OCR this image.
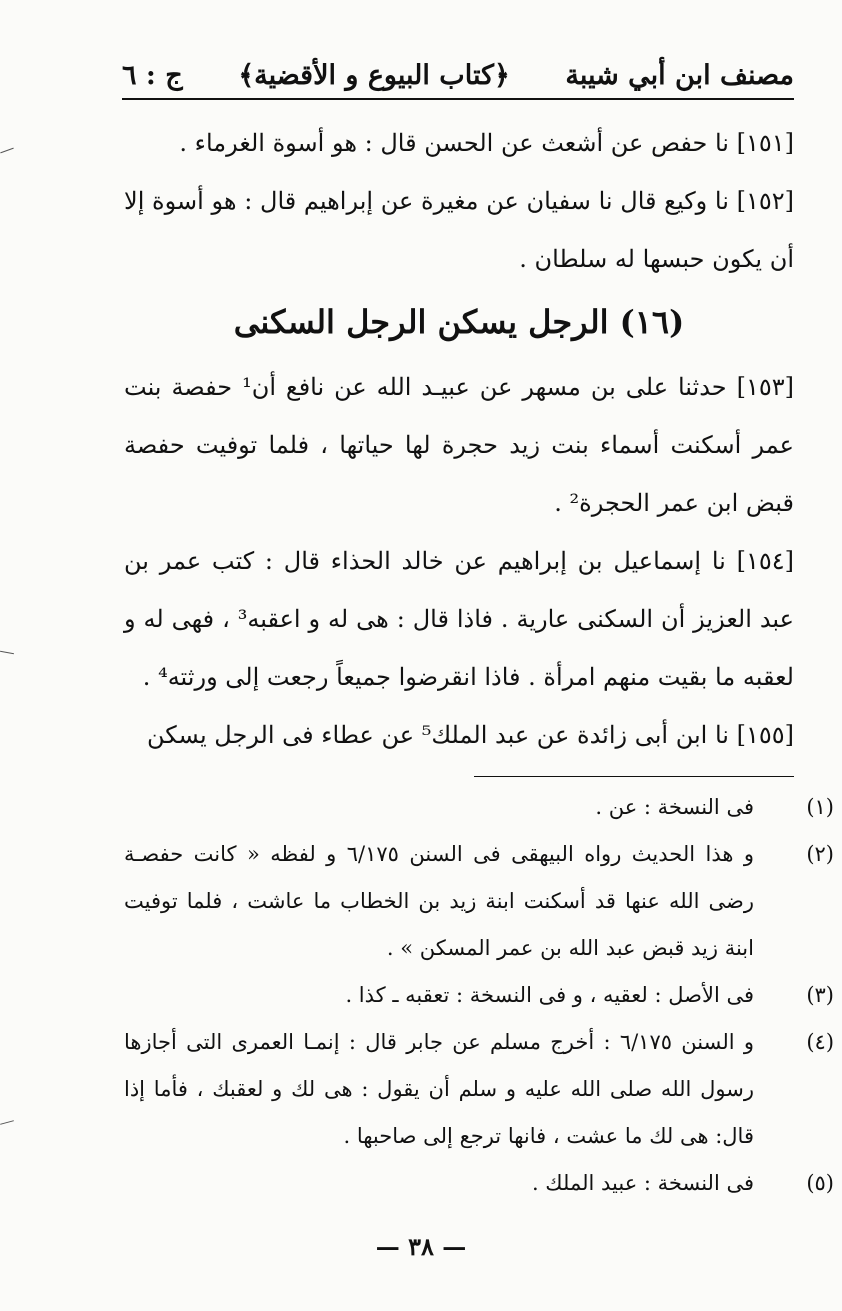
مصنف ابن أبي شيبة
﴿كتاب البيوع و الأقضية﴾
ج : ٦

[١٥١] نا حفص عن أشعث عن الحسن قال : هو أسوة الغرماء .

[١٥٢] نا وكيع قال نا سفيان عن مغيرة عن إبراهيم قال : هو أسوة إلا أن يكون حبسها له سلطان .

(١٦) الرجل يسكن الرجل السكنى

[١٥٣] حدثنا على بن مسهر عن عبيـد الله عن نافع أن¹ حفصة بنت عمر أسكنت أسماء بنت زيد حجرة لها حياتها ، فلما توفيت حفصة قبض ابن عمر الحجرة² .

[١٥٤] نا إسماعيل بن إبراهيم عن خالد الحذاء قال : كتب عمر بن عبد العزيز أن السكنى عارية . فاذا قال : هى له و اعقبه³ ، فهى له و لعقبه ما بقيت منهم امرأة . فاذا انقرضوا جميعاً رجعت إلى ورثته⁴ .

[١٥٥] نا ابن أبى زائدة عن عبد الملك⁵ عن عطاء فى الرجل يسكن

(١)فى النسخة : عن .

(٢)و هذا الحديث رواه البيهقى فى السنن ٦/١٧٥ و لفظه « كانت حفصـة رضى الله عنها قد أسكنت ابنة زيد بن الخطاب ما عاشت ، فلما توفيت ابنة زيد قبض عبد الله بن عمر المسكن » .

(٣)فى الأصل : لعقيه ، و فى النسخة : تعقبه ـ كذا .

(٤)و السنن ٦/١٧٥ : أخرج مسلم عن جابر قال : إنمـا العمرى التى أجازها رسول الله صلى الله عليه و سلم أن يقول : هى لك و لعقبك ، فأما إذا قال: هى لك ما عشت ، فانها ترجع إلى صاحبها .

(٥)فى النسخة : عبيد الملك .

— ٣٨ —
